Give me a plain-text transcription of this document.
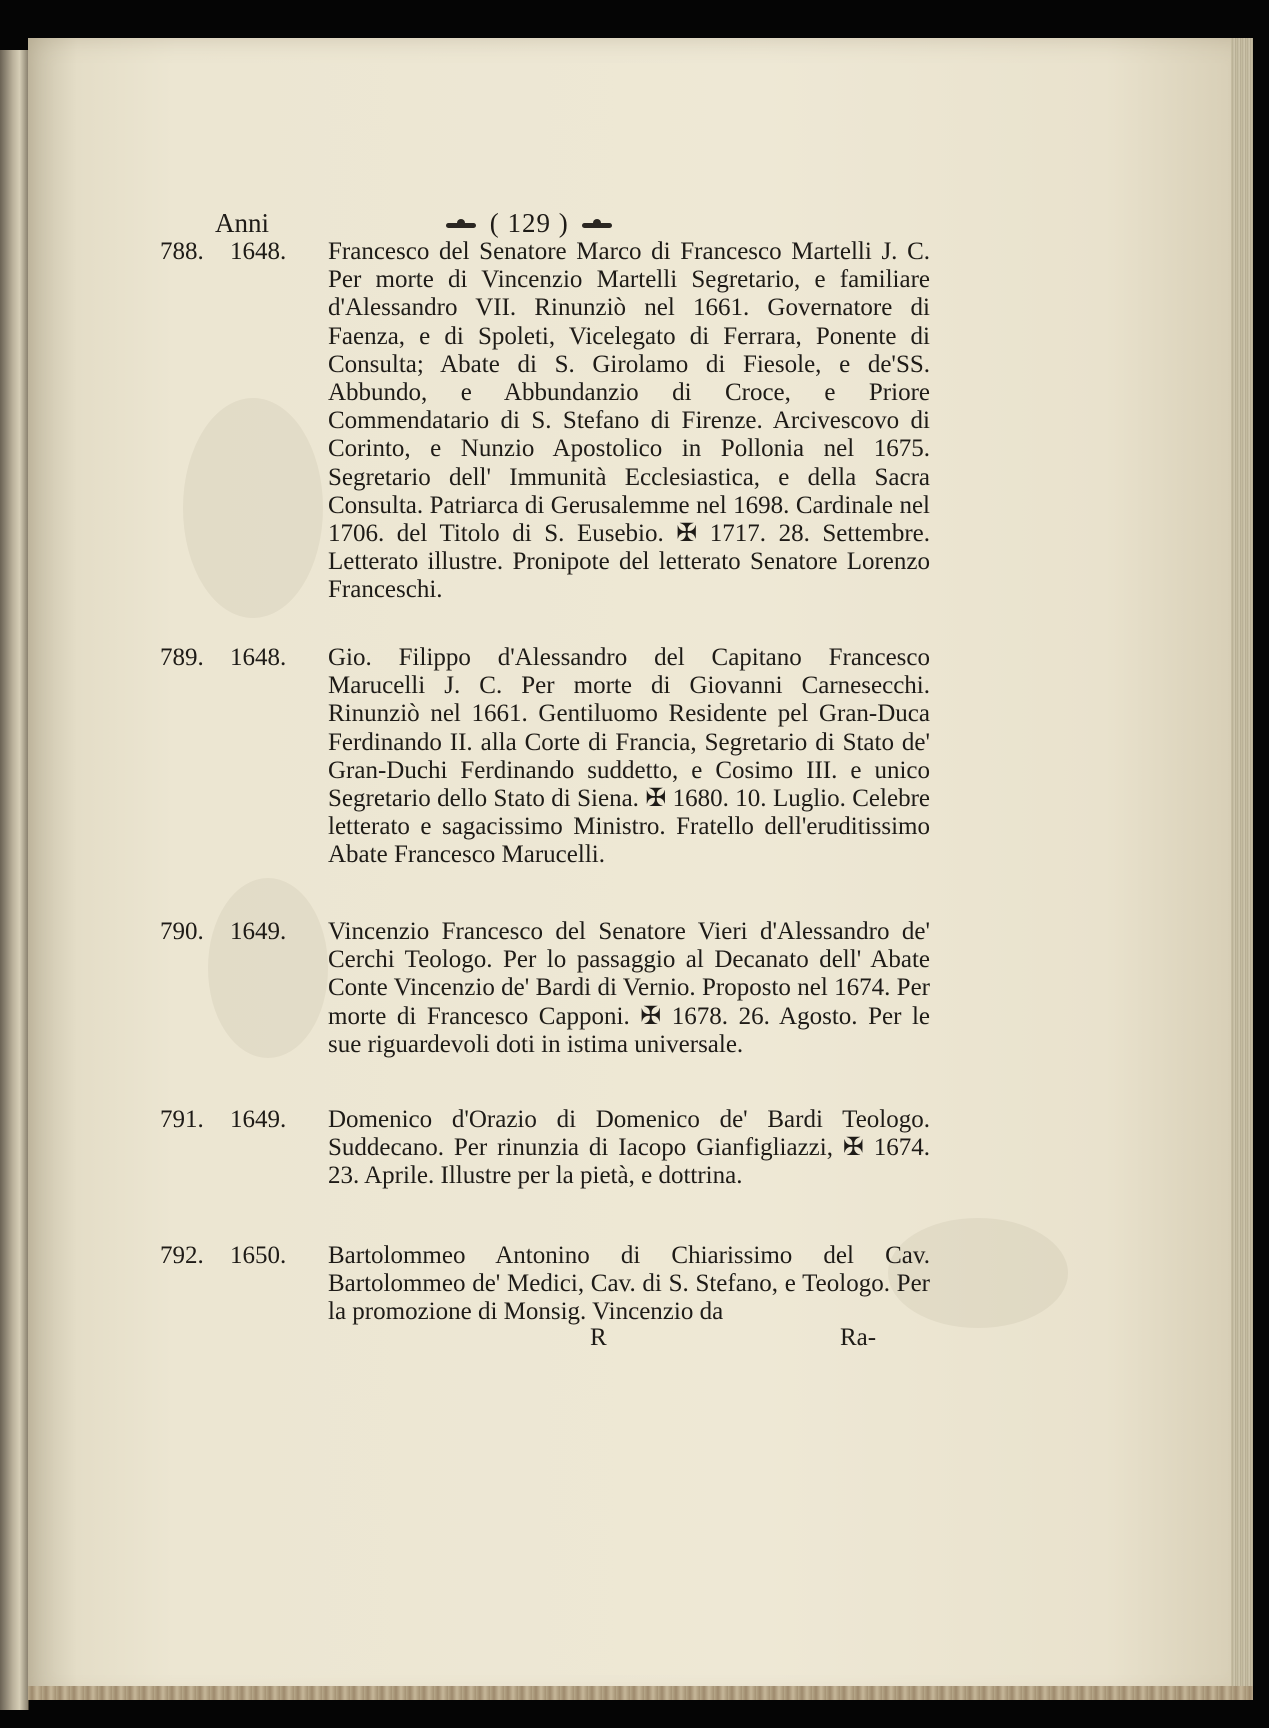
Anni	( 129 )
788.	1648.	Francesco del Senatore Marco di Francesco Martelli J. C. Per morte di Vincenzio Martelli Segretario, e familiare d'Alessandro VII. Rinunziò nel 1661. Governatore di Faenza, e di Spoleti, Vicelegato di Ferrara, Ponente di Consulta; Abate di S. Girolamo di Fiesole, e de'SS. Abbundo, e Abbundanzio di Croce, e Priore Commendatario di S. Stefano di Firenze. Arcivescovo di Corinto, e Nunzio Apostolico in Pollonia nel 1675. Segretario dell' Immunità Ecclesiastica, e della Sacra Consulta. Patriarca di Gerusalemme nel 1698. Cardinale nel 1706. del Titolo di S. Eusebio. ✠ 1717. 28. Settembre. Letterato illustre. Pronipote del letterato Senatore Lorenzo Franceschi.
789.	1648.	Gio. Filippo d'Alessandro del Capitano Francesco Marucelli J. C. Per morte di Giovanni Carnesecchi. Rinunziò nel 1661. Gentiluomo Residente pel Gran-Duca Ferdinando II. alla Corte di Francia, Segretario di Stato de' Gran-Duchi Ferdinando suddetto, e Cosimo III. e unico Segretario dello Stato di Siena. ✠ 1680. 10. Luglio. Celebre letterato e sagacissimo Ministro. Fratello dell'eruditissimo Abate Francesco Marucelli.
790.	1649.	Vincenzio Francesco del Senatore Vieri d'Alessandro de' Cerchi Teologo. Per lo passaggio al Decanato dell' Abate Conte Vincenzio de' Bardi di Vernio. Proposto nel 1674. Per morte di Francesco Capponi. ✠ 1678. 26. Agosto. Per le sue riguardevoli doti in istima universale.
791.	1649.	Domenico d'Orazio di Domenico de' Bardi Teologo. Suddecano. Per rinunzia di Iacopo Gianfigliazzi, ✠ 1674. 23. Aprile. Illustre per la pietà, e dottrina.
792.	1650.	Bartolommeo Antonino di Chiarissimo del Cav. Bartolommeo de' Medici, Cav. di S. Stefano, e Teologo. Per la promozione di Monsig. Vincenzio da
R	Ra-
